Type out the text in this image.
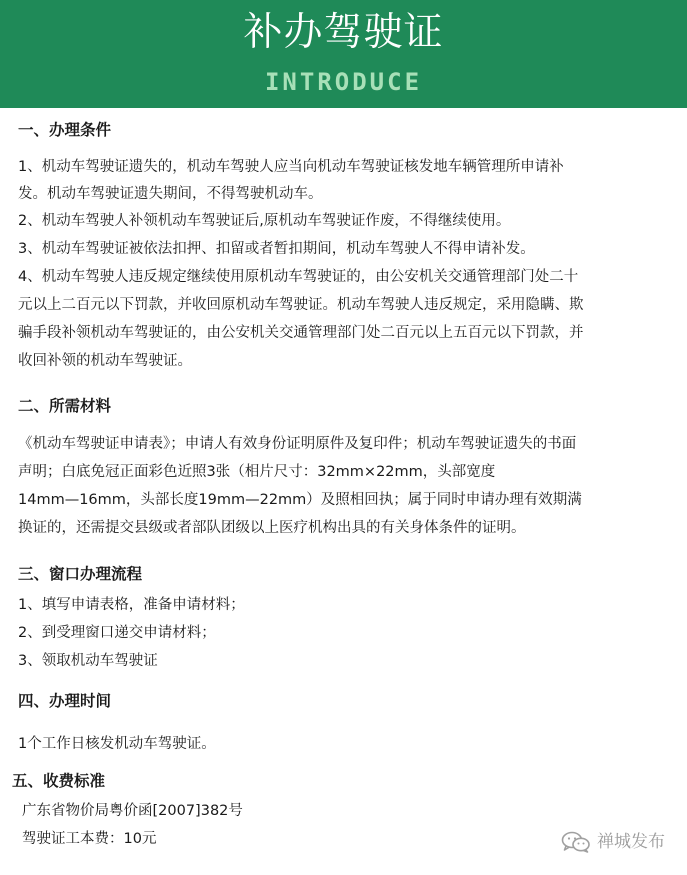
补办驾驶证
INTRODUCE
一、办理条件
1、机动车驾驶证遗失的，机动车驾驶人应当向机动车驾驶证核发地车辆管理所申请补
发。机动车驾驶证遗失期间，不得驾驶机动车。
2、机动车驾驶人补领机动车驾驶证后,原机动车驾驶证作废，不得继续使用。
3、机动车驾驶证被依法扣押、扣留或者暂扣期间，机动车驾驶人不得申请补发。
4、机动车驾驶人违反规定继续使用原机动车驾驶证的，由公安机关交通管理部门处二十
元以上二百元以下罚款，并收回原机动车驾驶证。机动车驾驶人违反规定，采用隐瞒、欺
骗手段补领机动车驾驶证的，由公安机关交通管理部门处二百元以上五百元以下罚款，并
收回补领的机动车驾驶证。
二、所需材料
《机动车驾驶证申请表》；申请人有效身份证明原件及复印件；机动车驾驶证遗失的书面
声明；白底免冠正面彩色近照3张（相片尺寸：32mm×22mm，头部宽度
14mm—16mm，头部长度19mm—22mm）及照相回执；属于同时申请办理有效期满
换证的，还需提交县级或者部队团级以上医疗机构出具的有关身体条件的证明。
三、窗口办理流程
1、填写申请表格，准备申请材料；
2、到受理窗口递交申请材料；
3、领取机动车驾驶证
四、办理时间
1个工作日核发机动车驾驶证。
五、收费标准
广东省物价局粤价函[2007]382号
驾驶证工本费：10元	禅城发布
